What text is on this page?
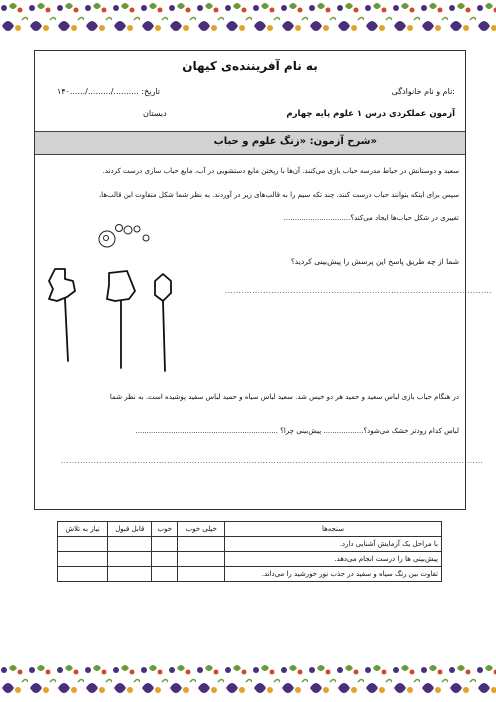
به نام آفریننده‌ی کیهان
نام و نام خانوادگی:
تاریخ: ........../........./......۱۴۰
آزمون عملکردی درس ۱ علوم پایه چهارم
دبستان
شرح آزمون: «زنگ علوم و حباب»
سعید و دوستانش در حیاط مدرسه حباب بازی می‌کنند. آن‌ها با ریختن مایع دستشویی در آب، مایع حباب سازی درست کردند.
سپس برای اینکه بتوانند حباب درست کنند، چند تکه سیم را به قالب‌های زیر در آوردند. به نظر شما شکل متفاوت این قالب‌ها،
تغییری در شکل حباب‌ها ایجاد می‌کند؟..............................
شما از چه طریق پاسخ این پرسش را پیش‌بینی کردید؟
..................................................................................................
در هنگام حباب بازی لباس سعید و حمید هر دو خیس شد. سعید لباس سیاه و حمید لباس سفید پوشیده است. به نظر شما
لباس کدام زودتر خشک می‌شود؟.................. پیش‌بینی چرا؟ ................................................................
...........................................................................................................................................................
سنجه‌ها	خیلی خوب	خوب	قابل قبول	نیاز به تلاش
با مراحل یک آزمایش آشنایی دارد.				
پیش‌بینی ها را درست انجام می‌دهد.				
تفاوت بین رنگ سیاه و سفید در جذب نور خورشید را می‌داند.				
